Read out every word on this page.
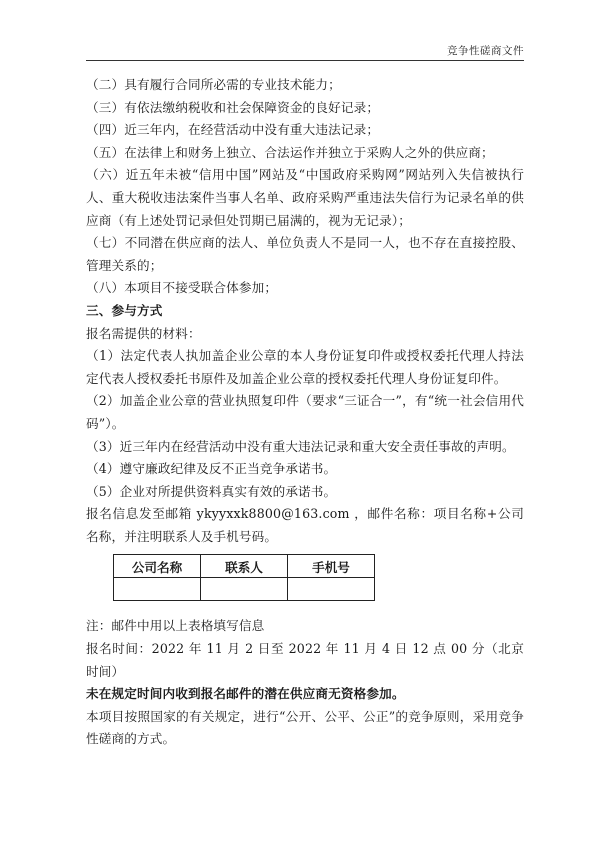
竞争性磋商文件

（二）具有履行合同所必需的专业技术能力；

（三）有依法缴纳税收和社会保障资金的良好记录；

（四）近三年内，在经营活动中没有重大违法记录；

（五）在法律上和财务上独立、合法运作并独立于采购人之外的供应商；

（六）近五年未被“信用中国”网站及“中国政府采购网”网站列入失信被执行人、重大税收违法案件当事人名单、政府采购严重违法失信行为记录名单的供应商（有上述处罚记录但处罚期已届满的，视为无记录）；

（七）不同潜在供应商的法人、单位负责人不是同一人，也不存在直接控股、管理关系的；

（八）本项目不接受联合体参加；

三、参与方式

报名需提供的材料：

（1）法定代表人执加盖企业公章的本人身份证复印件或授权委托代理人持法定代表人授权委托书原件及加盖企业公章的授权委托代理人身份证复印件。

（2）加盖企业公章的营业执照复印件（要求“三证合一”，有“统一社会信用代码”）。

（3）近三年内在经营活动中没有重大违法记录和重大安全责任事故的声明。

（4）遵守廉政纪律及反不正当竞争承诺书。

（5）企业对所提供资料真实有效的承诺书。

报名信息发至邮箱 ykyyxxk8800@163.com ，邮件名称：项目名称+公司名称，并注明联系人及手机号码。

公司名称	联系人	手机号

注：邮件中用以上表格填写信息

报名时间：2022 年 11 月 2 日至 2022 年 11 月 4 日 12 点 00 分（北京时间）

未在规定时间内收到报名邮件的潜在供应商无资格参加。

本项目按照国家的有关规定，进行“公开、公平、公正”的竞争原则，采用竞争性磋商的方式。
